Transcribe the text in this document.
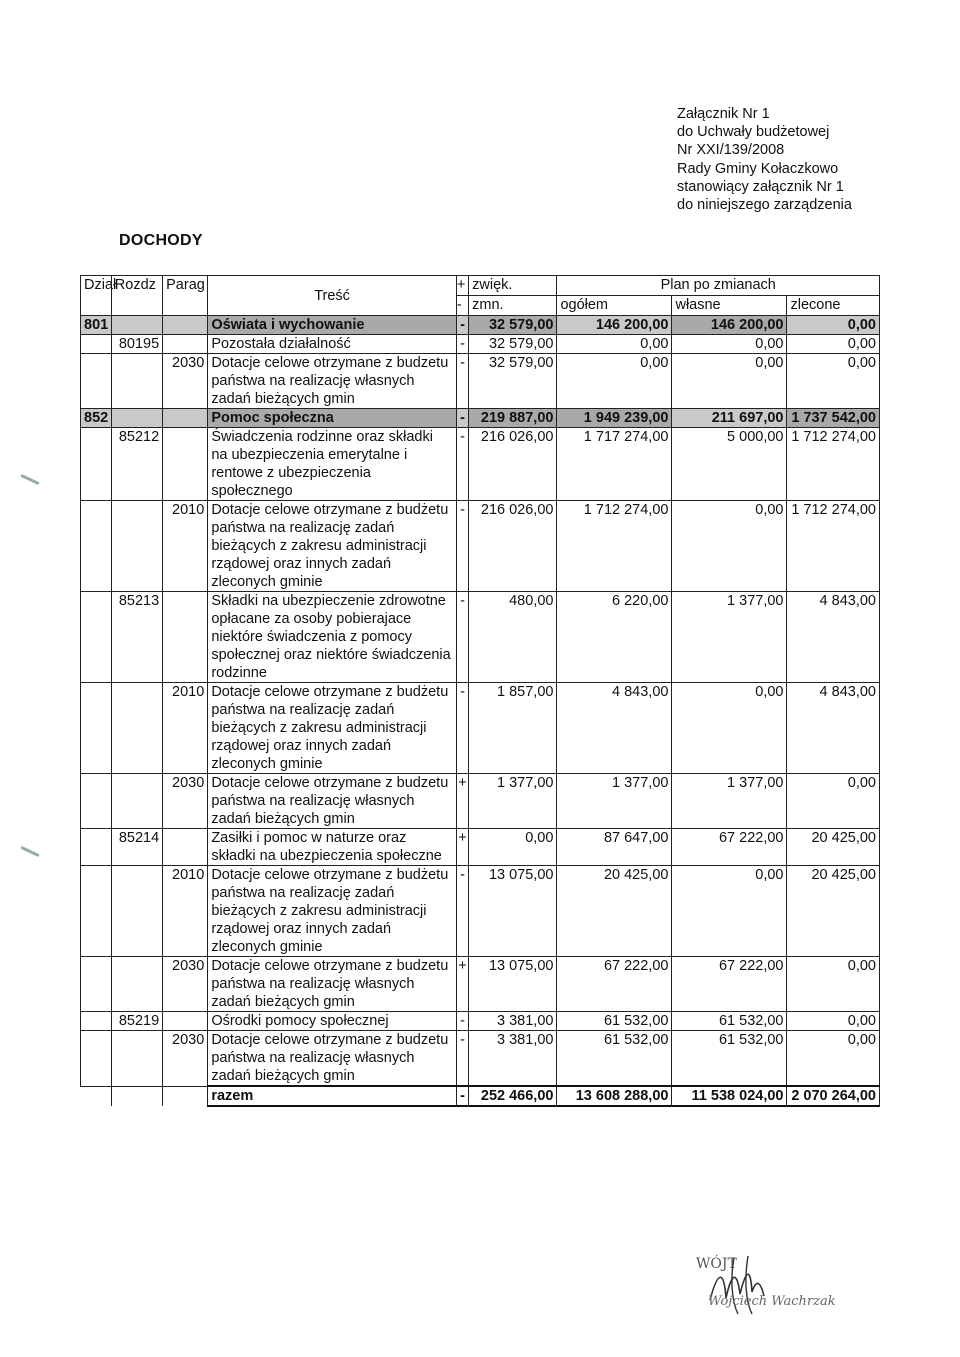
Załącznik Nr 1
do Uchwały budżetowej
Nr XXI/139/2008
Rady Gminy Kołaczkowo
stanowiący załącznik Nr 1
do niniejszego zarządzenia
DOCHODY
Dział	Rozdz	Parag	Treść	+	zwięk.	Plan po zmianach		
				-	zmn.	ogółem	własne	zlecone
801			Oświata i wychowanie	-	32 579,00	146 200,00	146 200,00	0,00
	80195		Pozostała działalność	-	32 579,00	0,00	0,00	0,00
		2030	Dotacje celowe otrzymane z budzetu państwa na realizację własnych zadań bieżących gmin	-	32 579,00	0,00	0,00	0,00
852			Pomoc społeczna	-	219 887,00	1 949 239,00	211 697,00	1 737 542,00
	85212		Świadczenia rodzinne oraz składki na ubezpieczenia emerytalne i rentowe z ubezpieczenia społecznego	-	216 026,00	1 717 274,00	5 000,00	1 712 274,00
		2010	Dotacje celowe otrzymane z budżetu państwa na realizację zadań bieżących z zakresu administracji rządowej oraz innych zadań zleconych gminie	-	216 026,00	1 712 274,00	0,00	1 712 274,00
	85213		Składki na ubezpieczenie zdrowotne opłacane za osoby pobierajace niektóre świadczenia z pomocy społecznej oraz niektóre świadczenia rodzinne	-	480,00	6 220,00	1 377,00	4 843,00
		2010	Dotacje celowe otrzymane z budżetu państwa na realizację zadań bieżących z zakresu administracji rządowej oraz innych zadań zleconych gminie	-	1 857,00	4 843,00	0,00	4 843,00
		2030	Dotacje celowe otrzymane z budzetu państwa na realizację własnych zadań bieżących gmin	+	1 377,00	1 377,00	1 377,00	0,00
	85214		Zasiłki i pomoc w naturze oraz składki na ubezpieczenia społeczne	+	0,00	87 647,00	67 222,00	20 425,00
		2010	Dotacje celowe otrzymane z budżetu państwa na realizację zadań bieżących z zakresu administracji rządowej oraz innych zadań zleconych gminie	-	13 075,00	20 425,00	0,00	20 425,00
		2030	Dotacje celowe otrzymane z budzetu państwa na realizację własnych zadań bieżących gmin	+	13 075,00	67 222,00	67 222,00	0,00
	85219		Ośrodki pomocy społecznej	-	3 381,00	61 532,00	61 532,00	0,00
		2030	Dotacje celowe otrzymane z budzetu państwa na realizację własnych zadań bieżących gmin	-	3 381,00	61 532,00	61 532,00	0,00
			razem	-	252 466,00	13 608 288,00	11 538 024,00	2 070 264,00
WÓJT
Wojciech Wachrzak
